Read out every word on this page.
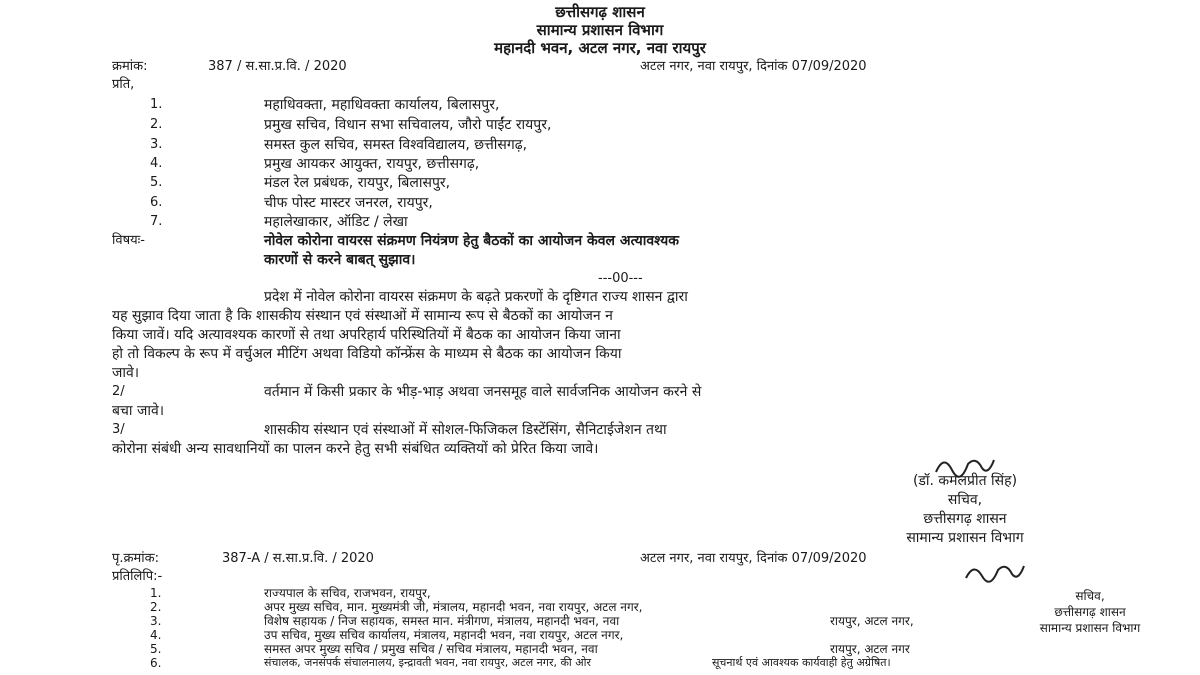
छत्तीसगढ़ शासन
सामान्य प्रशासन विभाग
महानदी भवन, अटल नगर, नवा रायपुर
क्रमांक:	387 / स.सा.प्र.वि. / 2020	अटल नगर, नवा रायपुर, दिनांक 07/09/2020
प्रति,
1.	महाधिवक्ता, महाधिवक्ता कार्यालय, बिलासपुर,
2.	प्रमुख सचिव, विधान सभा सचिवालय, जौरो पाईंट रायपुर,
3.	समस्त कुल सचिव, समस्त विश्वविद्यालय, छत्तीसगढ़,
4.	प्रमुख आयकर आयुक्त, रायपुर, छत्तीसगढ़,
5.	मंडल रेल प्रबंधक, रायपुर, बिलासपुर,
6.	चीफ पोस्ट मास्टर जनरल, रायपुर,
7.	महालेखाकार, ऑडिट / लेखा
विषयः-	नोवेल कोरोना वायरस संक्रमण नियंत्रण हेतु बैठकों का आयोजन केवल अत्यावश्यक
कारणों से करने बाबत् सुझाव।
---00---
प्रदेश में नोवेल कोरोना वायरस संक्रमण के बढ़ते प्रकरणों के दृष्टिगत राज्य शासन द्वारा
यह सुझाव दिया जाता है कि शासकीय संस्थान एवं संस्थाओं में सामान्य रूप से बैठकों का आयोजन न
किया जावें। यदि अत्यावश्यक कारणों से तथा अपरिहार्य परिस्थितियों में बैठक का आयोजन किया जाना
हो तो विकल्प के रूप में वर्चुअल मीटिंग अथवा विडियो कॉन्फ्रेंस के माध्यम से बैठक का आयोजन किया
जावे।
2/	वर्तमान में किसी प्रकार के भीड़-भाड़ अथवा जनसमूह वाले सार्वजनिक आयोजन करने से
बचा जावे।
3/	शासकीय संस्थान एवं संस्थाओं में सोशल-फिजिकल डिस्टेंसिंग, सैनिटाईजेशन तथा
कोरोना संबंधी अन्य सावधानियों का पालन करने हेतु सभी संबंधित व्यक्तियों को प्रेरित किया जावे।
(डॉ. कमलप्रीत सिंह)
सचिव,
छत्तीसगढ़ शासन
सामान्य प्रशासन विभाग
पृ.क्रमांक:	387-A / स.सा.प्र.वि. / 2020	अटल नगर, नवा रायपुर, दिनांक 07/09/2020
प्रतिलिपि:-
1.	राज्यपाल के सचिव, राजभवन, रायपुर,
2.	अपर मुख्य सचिव, मान. मुख्यमंत्री जी, मंत्रालय, महानदी भवन, नवा रायपुर, अटल नगर,
3.	विशेष सहायक / निज सहायक, समस्त मान. मंत्रीगण, मंत्रालय, महानदी भवन, नवा	रायपुर, अटल नगर,
4.	उप सचिव, मुख्य सचिव कार्यालय, मंत्रालय, महानदी भवन, नवा रायपुर, अटल नगर,
5.	समस्त अपर मुख्य सचिव / प्रमुख सचिव / सचिव मंत्रालय, महानदी भवन, नवा	रायपुर, अटल नगर
6.	संचालक, जनसंपर्क संचालनालय, इन्द्रावती भवन, नवा रायपुर, अटल नगर, की ओर	सूचनार्थ एवं आवश्यक कार्यवाही हेतु अग्रेषित।
सचिव,
छत्तीसगढ़ शासन
सामान्य प्रशासन विभाग
